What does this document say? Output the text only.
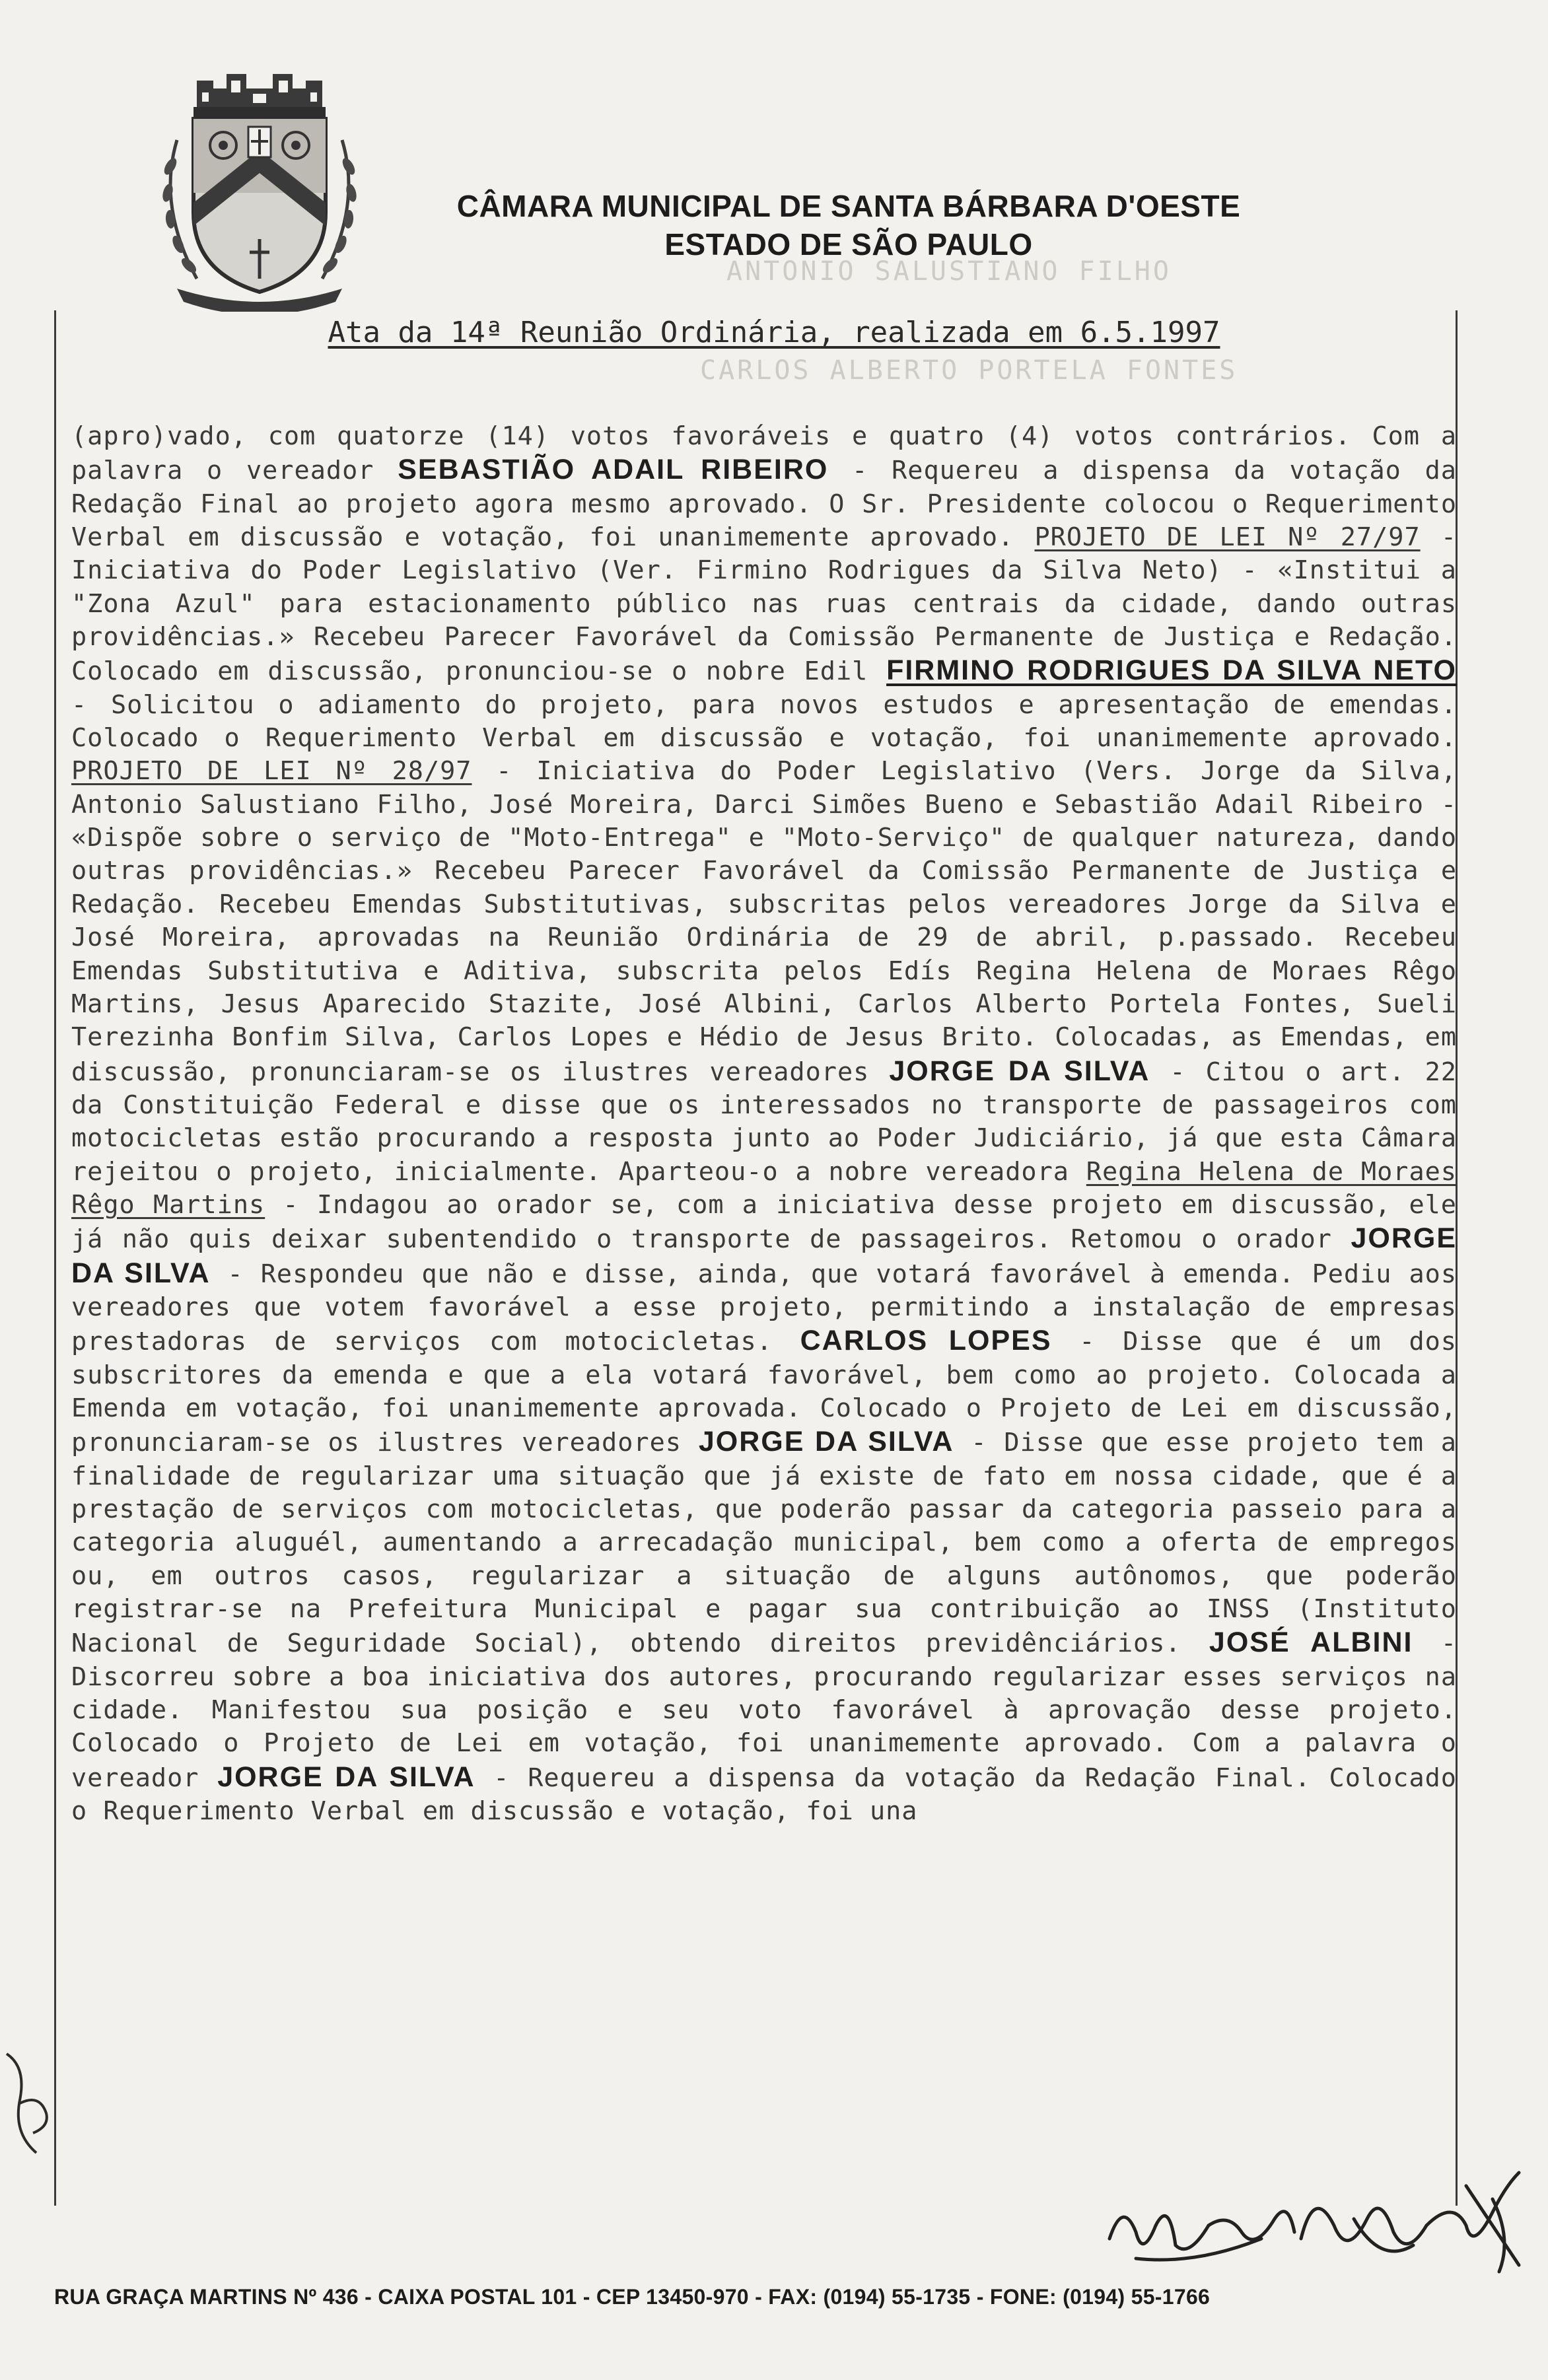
CÂMARA MUNICIPAL DE SANTA BÁRBARA D'OESTE
ESTADO DE SÃO PAULO
ANTONIO SALUSTIANO FILHO
CARLOS ALBERTO PORTELA FONTES
Ata da 14ª Reunião Ordinária, realizada em 6.5.1997

(apro)vado, com quatorze (14) votos favoráveis e quatro (4) votos contrários. Com a palavra o vereador SEBASTIÃO ADAIL RIBEIRO - Requereu a dispensa da votação da Redação Final ao projeto agora mesmo aprovado. O Sr. Presidente colocou o Requerimento Verbal em discussão e votação, foi unanimemente aprovado. PROJETO DE LEI Nº 27/97 - Iniciativa do Poder Legislativo (Ver. Firmino Rodrigues da Silva Neto) - «Institui a "Zona Azul" para estacionamento público nas ruas centrais da cidade, dando outras providências.» Recebeu Parecer Favorável da Comissão Permanente de Justiça e Redação. Colocado em discussão, pronunciou-se o nobre Edil FIRMINO RODRIGUES DA SILVA NETO - Solicitou o adiamento do projeto, para novos estudos e apresentação de emendas. Colocado o Requerimento Verbal em discussão e votação, foi unanimemente aprovado. PROJETO DE LEI Nº 28/97 - Iniciativa do Poder Legislativo (Vers. Jorge da Silva, Antonio Salustiano Filho, José Moreira, Darci Simões Bueno e Sebastião Adail Ribeiro - «Dispõe sobre o serviço de "Moto-Entrega" e "Moto-Serviço" de qualquer natureza, dando outras providências.» Recebeu Parecer Favorável da Comissão Permanente de Justiça e Redação. Recebeu Emendas Substitutivas, subscritas pelos vereadores Jorge da Silva e José Moreira, aprovadas na Reunião Ordinária de 29 de abril, p.passado. Recebeu Emendas Substitutiva e Aditiva, subscrita pelos Edís Regina Helena de Moraes Rêgo Martins, Jesus Aparecido Stazite, José Albini, Carlos Alberto Portela Fontes, Sueli Terezinha Bonfim Silva, Carlos Lopes e Hédio de Jesus Brito. Colocadas, as Emendas, em discussão, pronunciaram-se os ilustres vereadores JORGE DA SILVA - Citou o art. 22 da Constituição Federal e disse que os interessados no transporte de passageiros com motocicletas estão procurando a resposta junto ao Poder Judiciário, já que esta Câmara rejeitou o projeto, inicialmente. Aparteou-o a nobre vereadora Regina Helena de Moraes Rêgo Martins - Indagou ao orador se, com a iniciativa desse projeto em discussão, ele já não quis deixar subentendido o transporte de passageiros. Retomou o orador JORGE DA SILVA - Respondeu que não e disse, ainda, que votará favorável à emenda. Pediu aos vereadores que votem favorável a esse projeto, permitindo a instalação de empresas prestadoras de serviços com motocicletas. CARLOS LOPES - Disse que é um dos subscritores da emenda e que a ela votará favorável, bem como ao projeto. Colocada a Emenda em votação, foi unanimemente aprovada. Colocado o Projeto de Lei em discussão, pronunciaram-se os ilustres vereadores JORGE DA SILVA - Disse que esse projeto tem a finalidade de regularizar uma situação que já existe de fato em nossa cidade, que é a prestação de serviços com motocicletas, que poderão passar da categoria passeio para a categoria aluguél, aumentando a arrecadação municipal, bem como a oferta de empregos ou, em outros casos, regularizar a situação de alguns autônomos, que poderão registrar-se na Prefeitura Municipal e pagar sua contribuição ao INSS (Instituto Nacional de Seguridade Social), obtendo direitos previdênciários. JOSÉ ALBINI - Discorreu sobre a boa iniciativa dos autores, procurando regularizar esses serviços na cidade. Manifestou sua posição e seu voto favorável à aprovação desse projeto. Colocado o Projeto de Lei em votação, foi unanimemente aprovado. Com a palavra o vereador JORGE DA SILVA - Requereu a dispensa da votação da Redação Final. Colocado o Requerimento Verbal em discussão e votação, foi una

RUA GRAÇA MARTINS Nº 436 - CAIXA POSTAL 101 - CEP 13450-970 - FAX: (0194) 55-1735 - FONE: (0194) 55-1766
